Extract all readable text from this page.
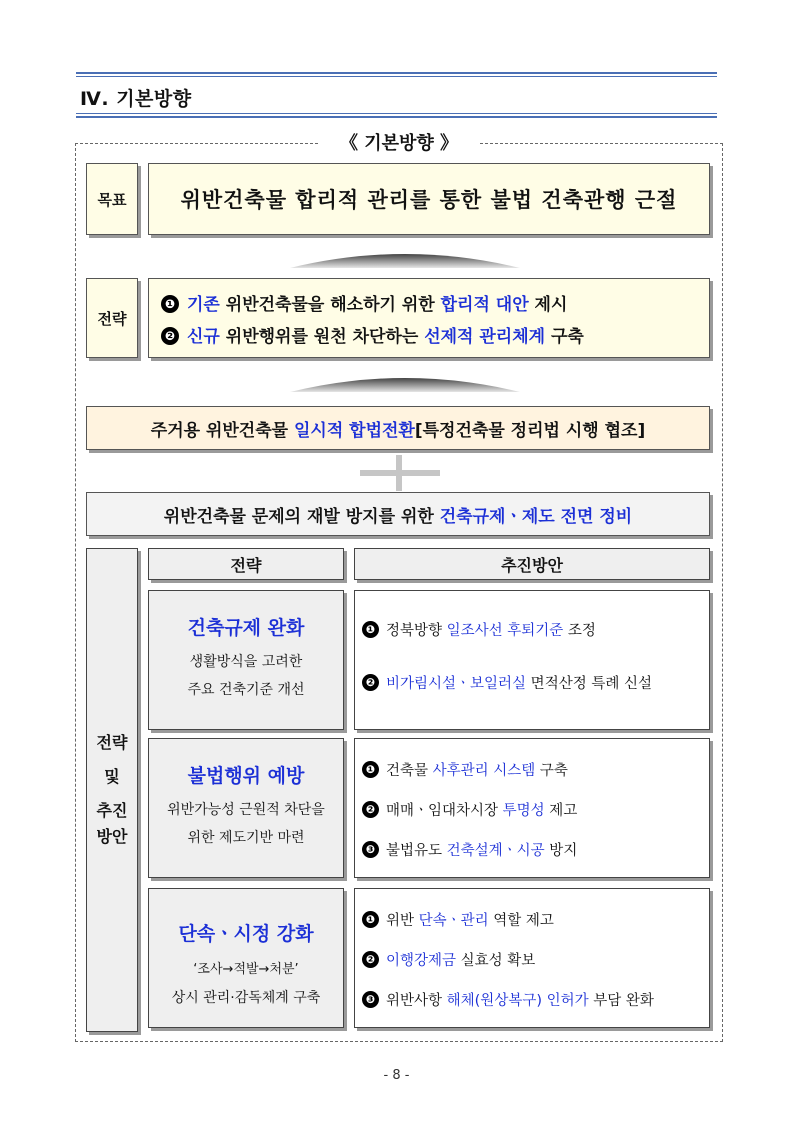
Ⅳ. 기본방향
《 기본방향 》
목표	위반건축물 합리적 관리를 통한 불법 건축관행 근절
전략
❶ 기존 위반건축물을 해소하기 위한 합리적 대안 제시
❷ 신규 위반행위를 원천 차단하는 선제적 관리체계 구축
주거용 위반건축물
일시적 합법전환 [특정건축물 정리법 시행 협조]
위반건축물 문제의 재발 방지를 위한
건축규제ㆍ제도 전면 정비
전략
및
추진
방안
전략	추진방안
건축규제 완화
생활방식을 고려한
주요 건축기준 개선
❶ 정북방향 일조사선 후퇴기준 조정
❷ 비가림시설ㆍ보일러실 면적산정 특례 신설
불법행위 예방
위반가능성 근원적 차단을
위한 제도기반 마련
❶ 건축물 사후관리 시스템 구축
❷ 매매ㆍ임대차시장 투명성 제고
❸ 불법유도 건축설계ㆍ시공 방지
단속ㆍ시정 강화
‘조사→적발→처분’
상시 관리·감독체계 구축
❶ 위반 단속ㆍ관리 역할 제고
❷ 이행강제금 실효성 확보
❸ 위반사항 해체(원상복구) 인허가 부담 완화
- 8 -
